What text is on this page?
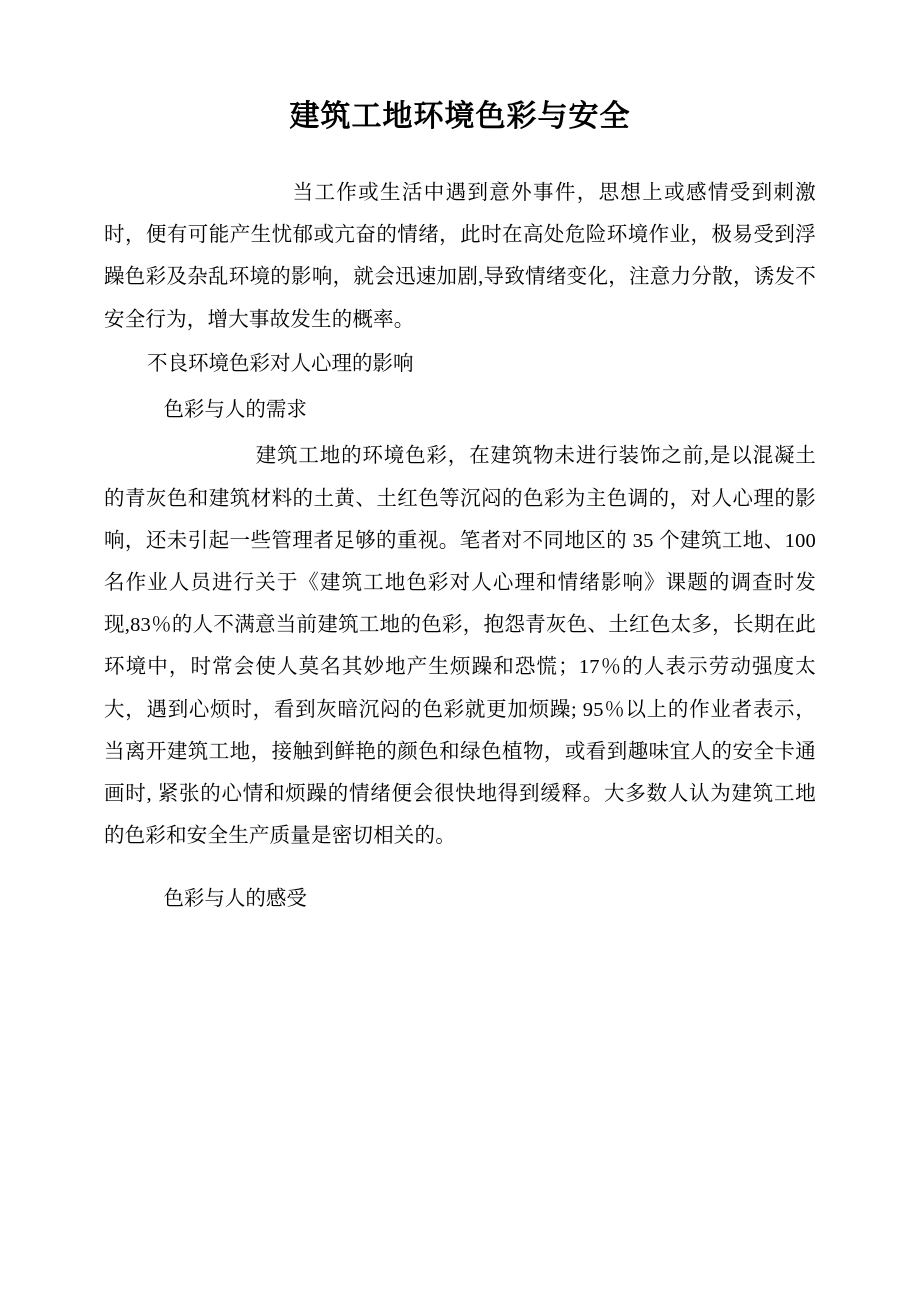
建筑工地环境色彩与安全

当工作或生活中遇到意外事件，思想上或感情受到刺激时，便有可能产生忧郁或亢奋的情绪，此时在高处危险环境作业，极易受到浮躁色彩及杂乱环境的影响，就会迅速加剧,导致情绪变化，注意力分散，诱发不安全行为，增大事故发生的概率。

不良环境色彩对人心理的影响

色彩与人的需求

建筑工地的环境色彩，在建筑物未进行装饰之前,是以混凝土的青灰色和建筑材料的土黄、土红色等沉闷的色彩为主色调的，对人心理的影响，还未引起一些管理者足够的重视。笔者对不同地区的 35 个建筑工地、100 名作业人员进行关于《建筑工地色彩对人心理和情绪影响》课题的调查时发现,83％的人不满意当前建筑工地的色彩，抱怨青灰色、土红色太多，长期在此环境中，时常会使人莫名其妙地产生烦躁和恐慌；17％的人表示劳动强度太大，遇到心烦时，看到灰暗沉闷的色彩就更加烦躁; 95％以上的作业者表示，当离开建筑工地，接触到鲜艳的颜色和绿色植物，或看到趣味宜人的安全卡通画时, 紧张的心情和烦躁的情绪便会很快地得到缓释。大多数人认为建筑工地的色彩和安全生产质量是密切相关的。

色彩与人的感受
